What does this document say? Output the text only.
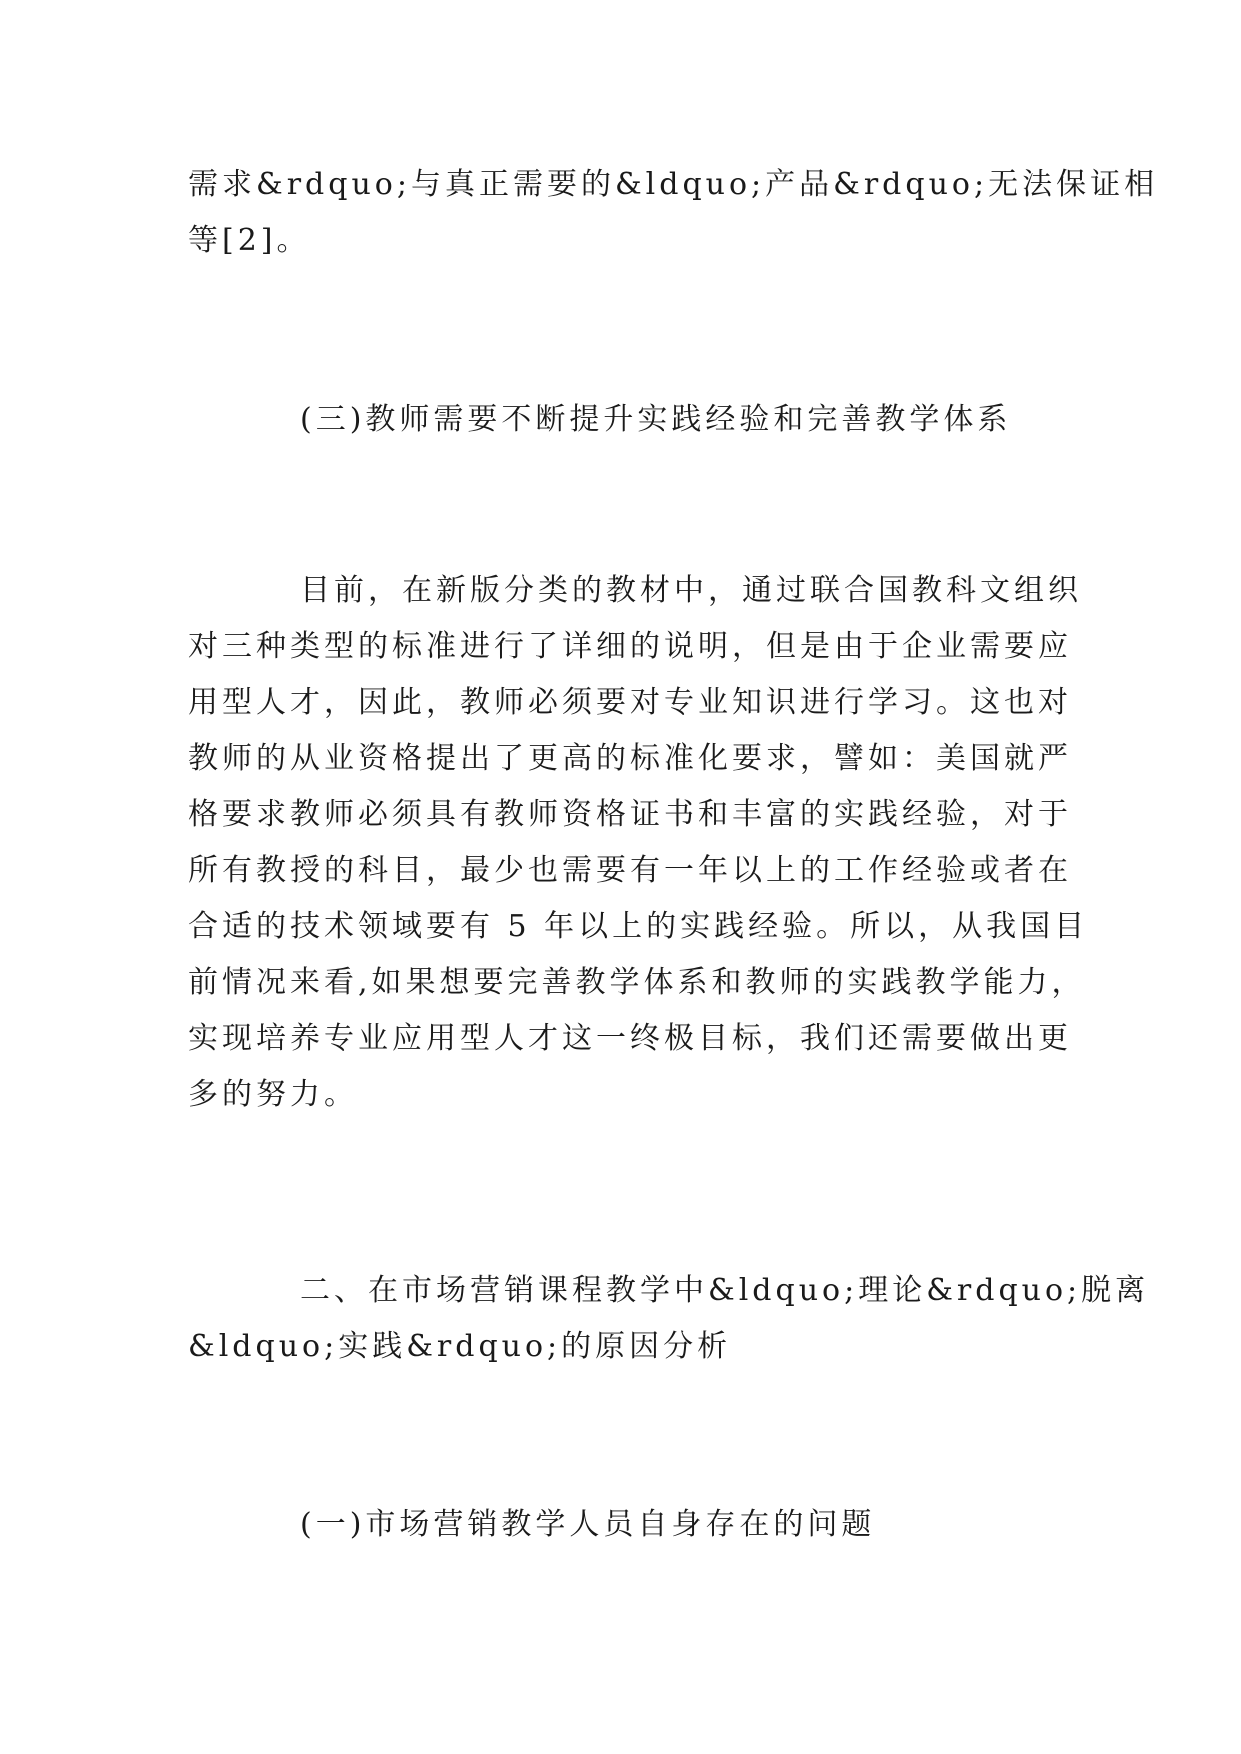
需求&rdquo;与真正需要的&ldquo;产品&rdquo;无法保证相
等[2]。
(三)教师需要不断提升实践经验和完善教学体系
目前，在新版分类的教材中，通过联合国教科文组织
对三种类型的标准进行了详细的说明，但是由于企业需要应
用型人才，因此，教师必须要对专业知识进行学习。这也对
教师的从业资格提出了更高的标准化要求，譬如：美国就严
格要求教师必须具有教师资格证书和丰富的实践经验，对于
所有教授的科目，最少也需要有一年以上的工作经验或者在
合适的技术领域要有 5 年以上的实践经验。所以，从我国目
前情况来看,如果想要完善教学体系和教师的实践教学能力，
实现培养专业应用型人才这一终极目标，我们还需要做出更
多的努力。
二、在市场营销课程教学中&ldquo;理论&rdquo;脱离
&ldquo;实践&rdquo;的原因分析
(一)市场营销教学人员自身存在的问题
